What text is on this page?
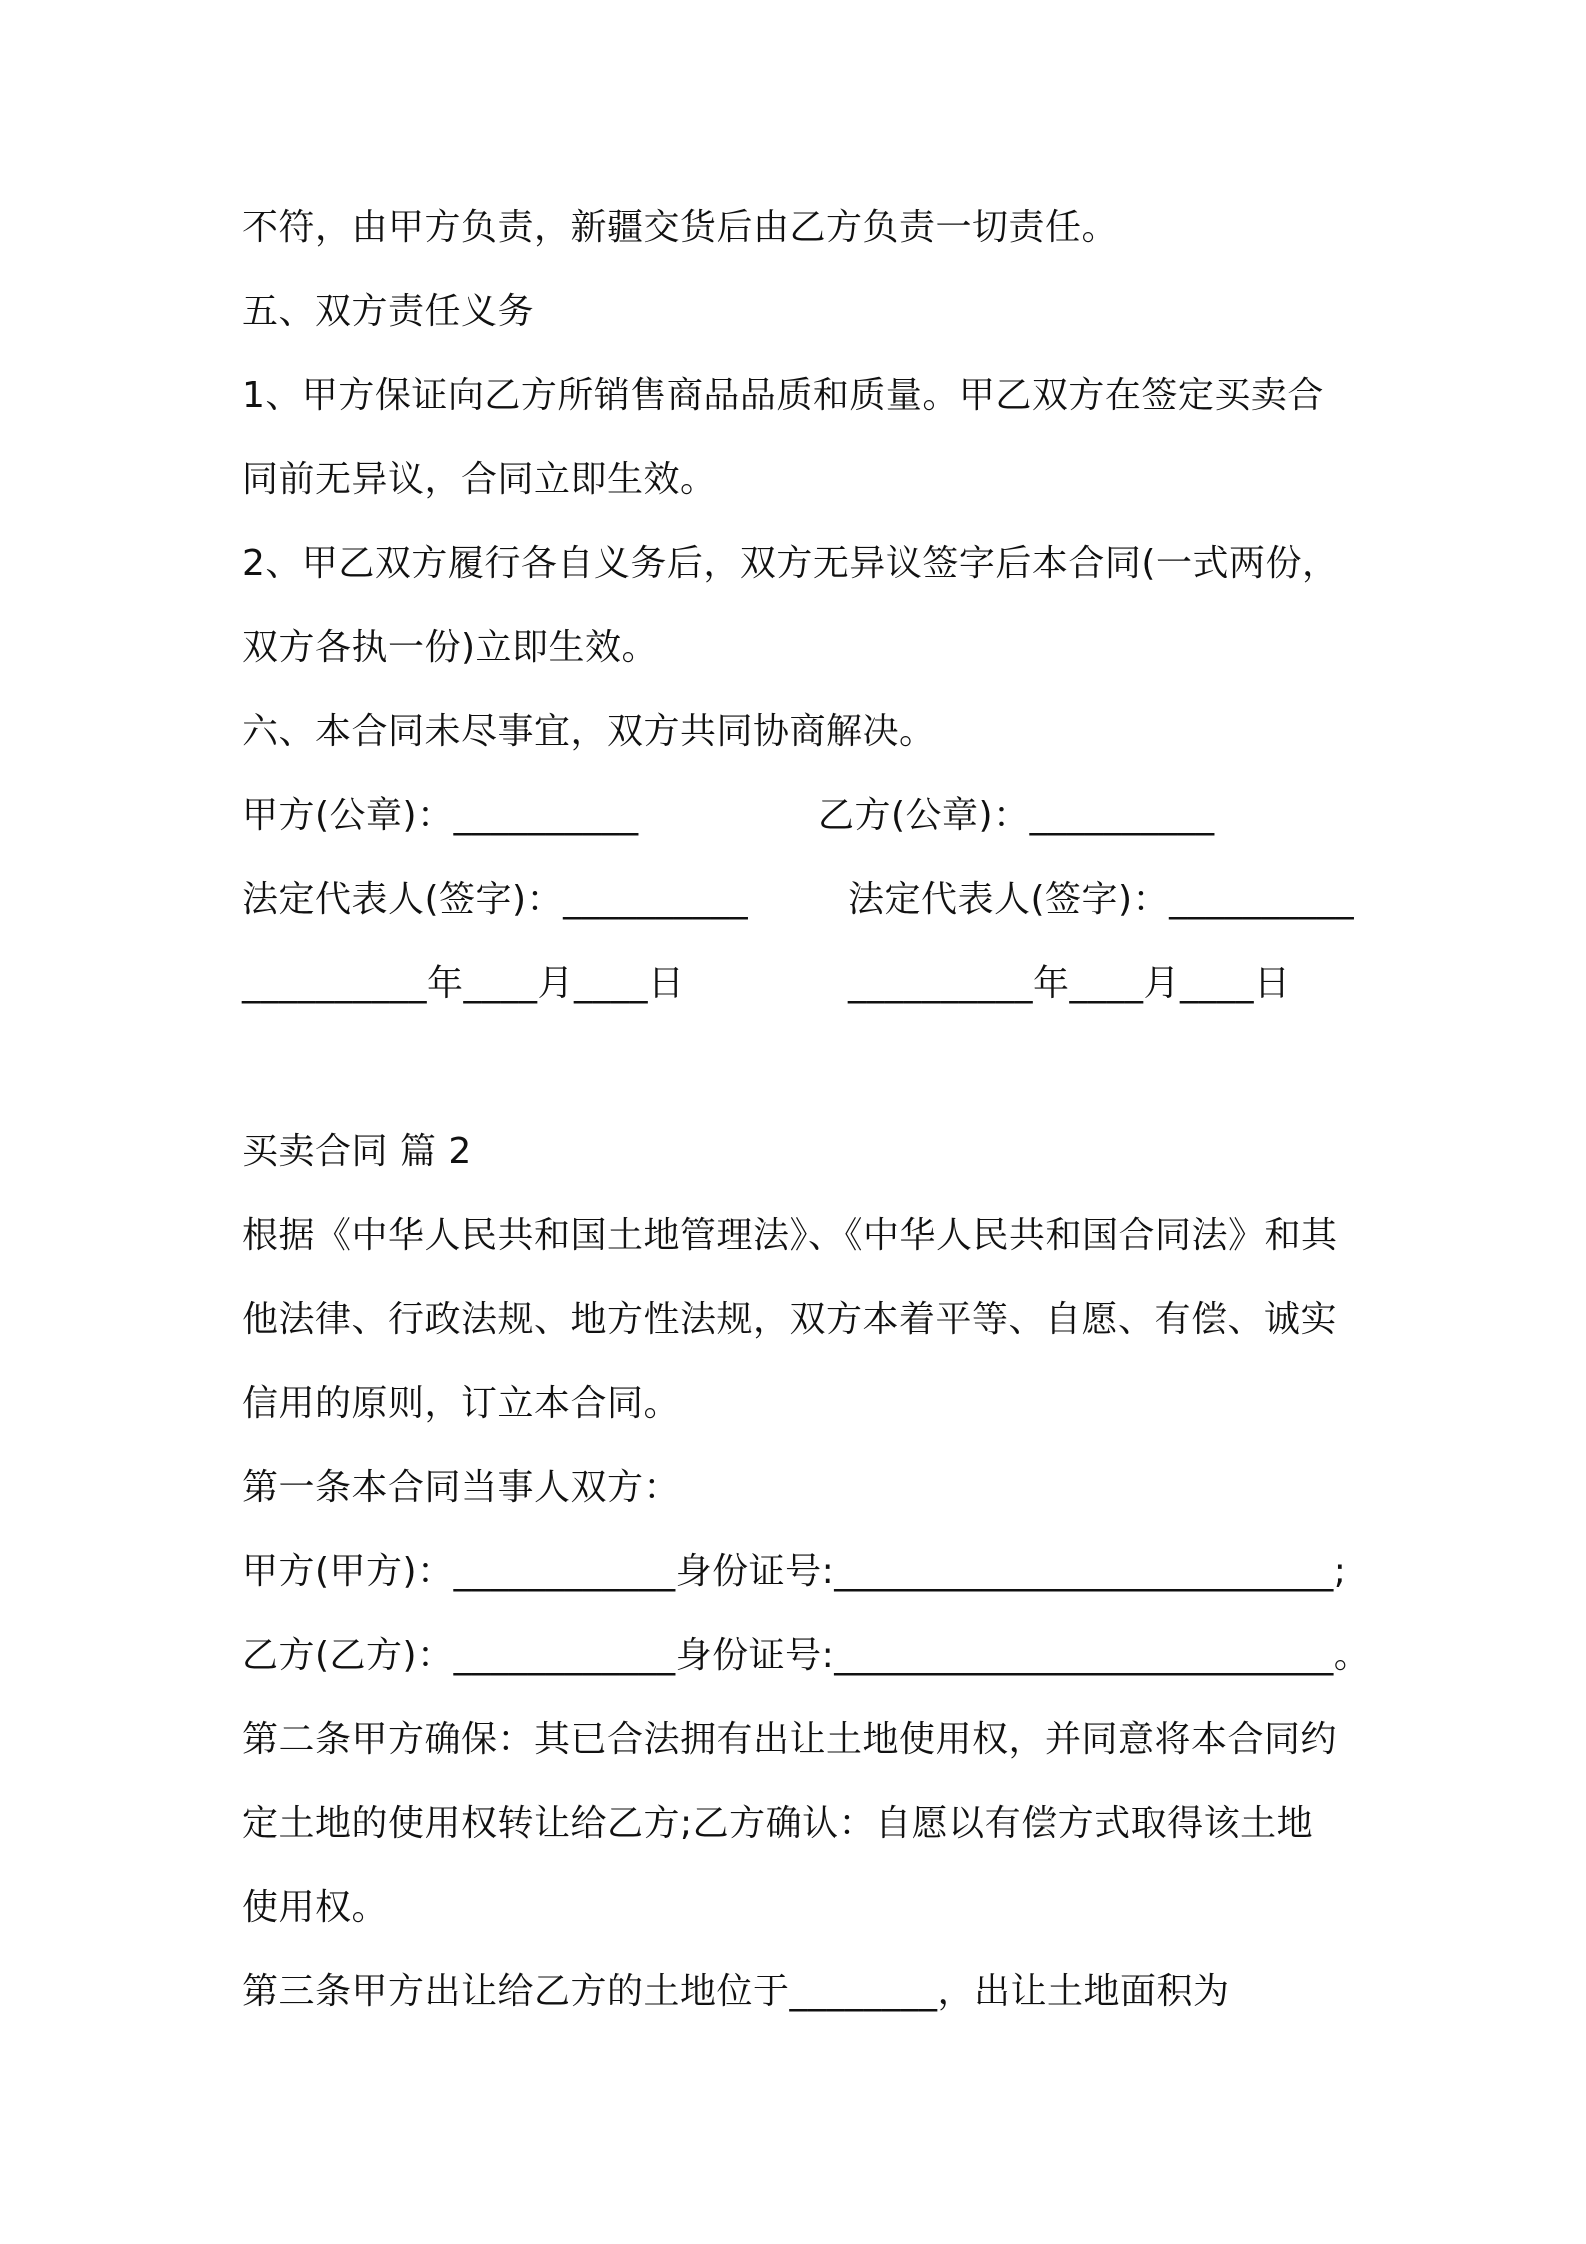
不符，由甲方负责，新疆交货后由乙方负责一切责任。
五、双方责任义务
1、甲方保证向乙方所销售商品品质和质量。甲乙双方在签定买卖合
同前无异议，合同立即生效。
2、甲乙双方履行各自义务后，双方无异议签字后本合同(一式两份，
双方各执一份)立即生效。
六、本合同未尽事宜，双方共同协商解决。
甲方(公章)：__________	乙方(公章)：__________
法定代表人(签字)：__________	法定代表人(签字)：__________
__________年____月____日	__________年____月____日
买卖合同 篇 2
根据《中华人民共和国土地管理法》、《中华人民共和国合同法》和其
他法律、行政法规、地方性法规，双方本着平等、自愿、有偿、诚实
信用的原则，订立本合同。
第一条本合同当事人双方：
甲方(甲方)：____________身份证号:___________________________;
乙方(乙方)：____________身份证号:___________________________。
第二条甲方确保：其已合法拥有出让土地使用权，并同意将本合同约
定土地的使用权转让给乙方;乙方确认：自愿以有偿方式取得该土地
使用权。
第三条甲方出让给乙方的土地位于________，出让土地面积为
